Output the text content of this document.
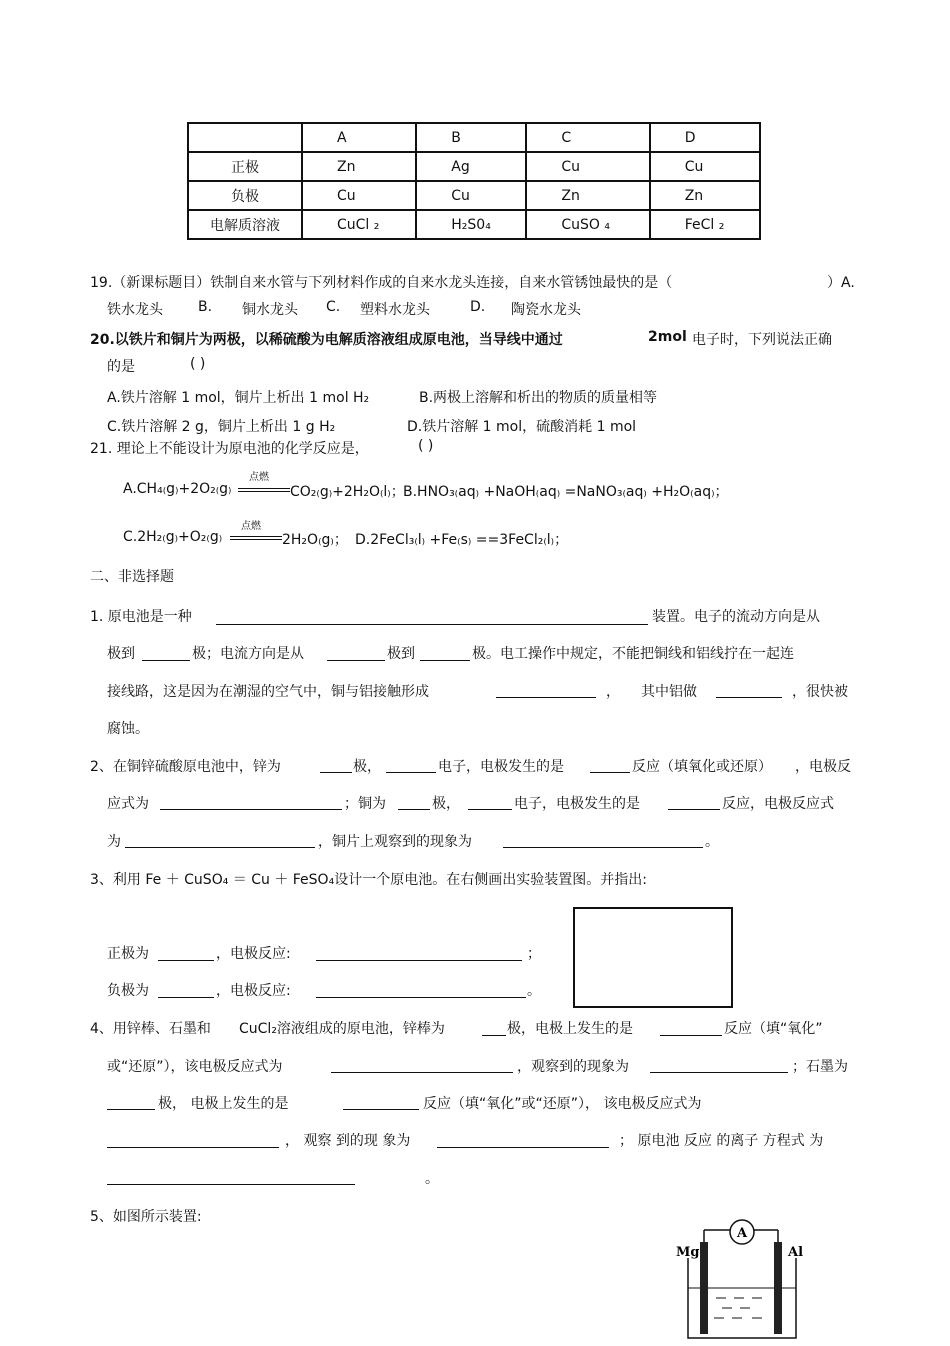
	A	B	C	D
正极	Zn	Ag	Cu	Cu
负极	Cu	Cu	Zn	Zn
电解质溶液	CuCl ₂	H₂S0₄	CuSO ₄	FeCl ₂
19.（新课标题目）铁制自来水管与下列材料作成的自来水龙头连接，自来水管锈蚀最快的是（	）A.
铁水龙头	B. 铜水龙头 C. 塑料水龙头	D. 陶瓷水龙头
20.以铁片和铜片为两极，以稀硫酸为电解质溶液组成原电池，当导线中通过	2mol 电子时，下列说法正确
的是	( )
A.铁片溶解 1 mol，铜片上析出 1 mol H₂	B.两极上溶解和析出的物质的质量相等
C.铁片溶解 2 g，铜片上析出 1 g H₂	D.铁片溶解 1 mol，硫酸消耗 1 mol
21. 理论上不能设计为原电池的化学反应是，	( )
A.CH₄₍g₎+2O₂₍g₎
点燃
CO₂₍g₎+2H₂O₍l₎；
B.HNO₃₍aq₎ +NaOH₍aq₎ =NaNO₃₍aq₎ +H₂O₍aq₎；
C.2H₂₍g₎+O₂₍g₎
点燃
2H₂O₍g₎； D.2FeCl₃₍l₎ +Fe₍s₎ ==3FeCl₂₍l₎；
二、非选择题
1. 原电池是一种	装置。电子的流动方向是从
极到	极；电流方向是从	极到	极。电工操作中规定，不能把铜线和铝线拧在一起连
接线路，这是因为在潮湿的空气中，铜与铝接触形成	， 其中铝做	，很快被
腐蚀。
2、在铜锌硫酸原电池中，锌为	极，	电子，电极发生的是	反应（填氧化或还原） ，电极反
应式为	；铜为	极，	电子，电极发生的是	反应，电极反应式
为	，铜片上观察到的现象为	。
3、利用 Fe ＋ CuSO₄ ＝ Cu ＋ FeSO₄设计一个原电池。在右侧画出实验装置图。并指出:
正极为	，电极反应:	；
负极为	，电极反应:	。
4、用锌棒、石墨和 CuCl₂溶液组成的原电池，锌棒为	极，电极上发生的是	反应（填“氧化”
或“还原”），该电极反应式为	，观察到的现象为	；石墨为
极， 电极上发生的是	反应（填“氧化”或“还原”）， 该电极反应式为
， 观察 到的现 象为	； 原电池 反应 的离子 方程式 为
。
5、如图所示装置:
A
Mg	Al
